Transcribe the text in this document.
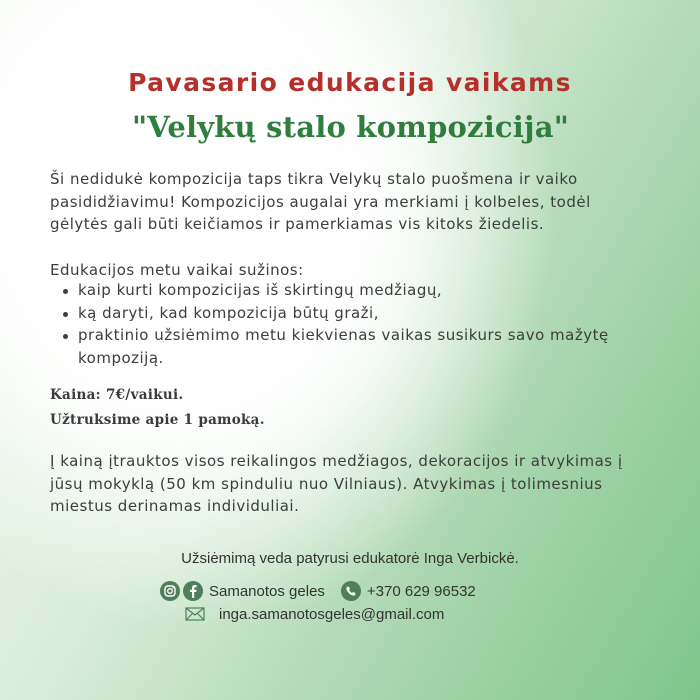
Pavasario edukacija vaikams
"Velykų stalo kompozicija"
Ši nedidukė kompozicija taps tikra Velykų stalo puošmena ir vaiko pasididžiavimu! Kompozicijos augalai yra merkiami į kolbeles, todėl gėlytės gali būti keičiamos ir pamerkiamas vis kitoks žiedelis.
Edukacijos metu vaikai sužinos:
kaip kurti kompozicijas iš skirtingų medžiagų,
ką daryti, kad kompozicija būtų graži,
praktinio užsiėmimo metu kiekvienas vaikas susikurs savo mažytę kompoziją.
Kaina: 7€/vaikui.
Užtruksime apie 1 pamoką.
Į kainą įtrauktos visos reikalingos medžiagos, dekoracijos ir atvykimas į jūsų mokyklą (50 km spinduliu nuo Vilniaus). Atvykimas į tolimesnius miestus derinamas individuliai.
Užsiėmimą veda patyrusi edukatorė Inga Verbickė.
Samanotos geles	+370 629 96532
inga.samanotosgeles@gmail.com
